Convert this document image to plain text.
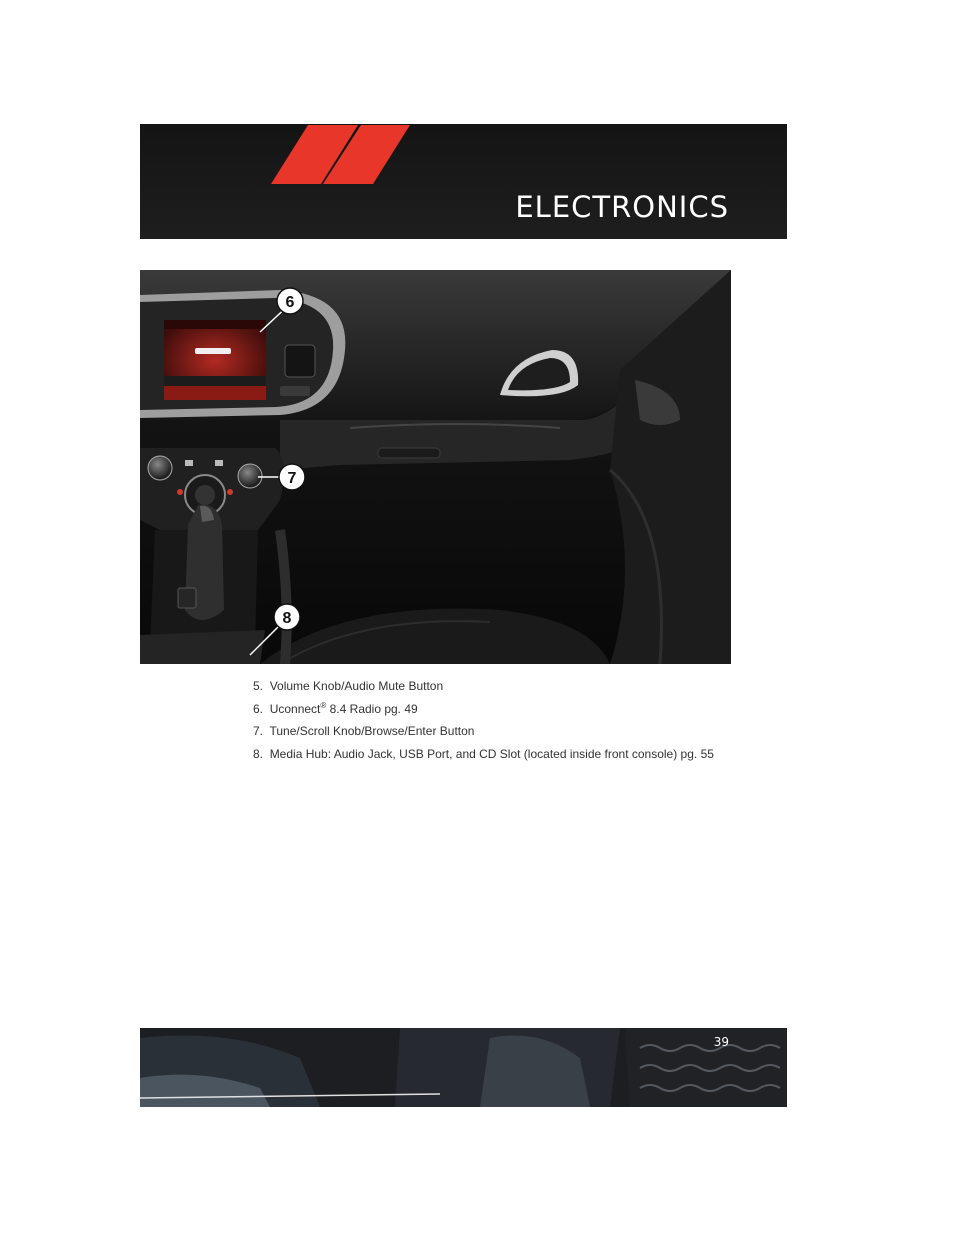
ELECTRONICS
6
7
8
5. Volume Knob/Audio Mute Button
6. Uconnect® 8.4 Radio pg. 49
7. Tune/Scroll Knob/Browse/Enter Button
8. Media Hub: Audio Jack, USB Port, and CD Slot (located inside front console) pg. 55
39
